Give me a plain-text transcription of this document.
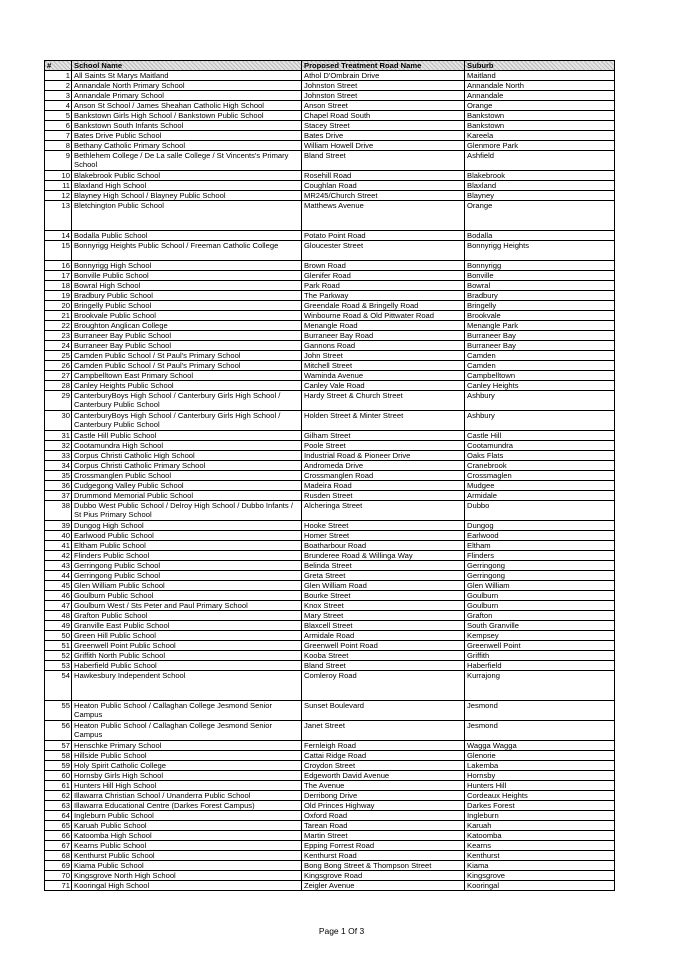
#	School Name	Proposed Treatment Road Name	Suburb
1	All Saints St Marys Maitland	Athol D'Ombrain Drive	Maitland
2	Annandale North Primary School	Johnston Street	Annandale North
3	Annandale Primary School	Johnston Street	Annandale
4	Anson St School / James Sheahan Catholic High School	Anson Street	Orange
5	Bankstown Girls High School / Bankstown Public School	Chapel Road South	Bankstown
6	Bankstown South Infants School	Stacey Street	Bankstown
7	Bates Drive Public School	Bates Drive	Kareela
8	Bethany Catholic Primary School	William Howell Drive	Glenmore Park
9	Bethlehem College / De La salle College / St Vincents's Primary School	Bland Street	Ashfield
10	Blakebrook Public School	Rosehill Road	Blakebrook
11	Blaxland High School	Coughlan Road	Blaxland
12	Blayney High School / Blayney Public School	MR245/Church Street	Blayney
13	Bletchington Public School	Matthews Avenue	Orange
14	Bodalla Public School	Potato Point Road	Bodalla
15	Bonnyrigg Heights Public School / Freeman Catholic College	Gloucester Street	Bonnyrigg Heights
16	Bonnyrigg High School	Brown Road	Bonnyrigg
17	Bonville Public School	Glenifer Road	Bonville
18	Bowral High School	Park Road	Bowral
19	Bradbury Public School	The Parkway	Bradbury
20	Bringelly Public School	Greendale Road & Bringelly Road	Bringelly
21	Brookvale Public School	Winbourne Road & Old Pittwater Road	Brookvale
22	Broughton Anglican College	Menangle Road	Menangle Park
23	Burraneer Bay Public School	Burraneer Bay Road	Burraneer Bay
24	Burraneer Bay Public School	Gannons Road	Burraneer Bay
25	Camden Public School / St Paul's Primary School	John Street	Camden
26	Camden Public School / St Paul's Primary School	Mitchell Street	Camden
27	Campbelltown East Primary School	Waminda Avenue	Campbelltown
28	Canley Heights Public School	Canley Vale Road	Canley Heights
29	CanterburyBoys High School / Canterbury Girls High School / Canterbury Public School	Hardy Street & Church Street	Ashbury
30	CanterburyBoys High School / Canterbury Girls High School / Canterbury Public School	Holden Street & Minter Street	Ashbury
31	Castle Hill Public School	Gilham Street	Castle Hill
32	Cootamundra High School	Poole Street	Cootamundra
33	Corpus Christi Catholic High School	Industrial Road & Pioneer Drive	Oaks Flats
34	Corpus Christi Catholic Primary School	Andromeda Drive	Cranebrook
35	Crossmanglen Public School	Crossmanglen Road	Crossmaglen
36	Cudgegong Valley Public School	Madeira Road	Mudgee
37	Drummond Memorial Public School	Rusden Street	Armidale
38	Dubbo West Public School / Delroy High School / Dubbo Infants / St Pius Primary School	Alcheringa Street	Dubbo
39	Dungog High School	Hooke Street	Dungog
40	Earlwood Public School	Homer Street	Earlwood
41	Eltham Public School	Boatharbour Road	Eltham
42	Flinders Public School	Brunderee Road & Willinga Way	Flinders
43	Gerringong Public School	Belinda Street	Gerringong
44	Gerringong Public School	Greta Street	Gerringong
45	Glen William Public School	Glen William Road	Glen William
46	Goulburn Public School	Bourke Street	Goulburn
47	Goulburn West / Sts Peter and Paul Primary School	Knox Street	Goulburn
48	Grafton Public School	Mary Street	Grafton
49	Granville East Public School	Blaxcell Street	South Granville
50	Green Hill Public School	Armidale Road	Kempsey
51	Greenwell Point Public School	Greenwell Point Road	Greenwell Point
52	Griffith North Public School	Kooba Street	Griffith
53	Haberfield Public School	Bland Street	Haberfield
54	Hawkesbury Independent School	Comleroy Road	Kurrajong
55	Heaton Public School / Callaghan College Jesmond Senior Campus	Sunset Boulevard	Jesmond
56	Heaton Public School / Callaghan College Jesmond Senior Campus	Janet Street	Jesmond
57	Henschke Primary School	Fernleigh Road	Wagga Wagga
58	Hillside Public School	Cattai Ridge Road	Glenorie
59	Holy Spirit Catholic College	Croydon Street	Lakemba
60	Hornsby Girls High School	Edgeworth David Avenue	Hornsby
61	Hunters Hill High School	The Avenue	Hunters Hill
62	Illawarra Christian School / Unanderra Public School	Derribong Drive	Cordeaux Heights
63	Illawarra Educational Centre (Darkes Forest Campus)	Old Princes Highway	Darkes Forest
64	Ingleburn Public School	Oxford Road	Ingleburn
65	Karuah Public School	Tarean Road	Karuah
66	Katoomba High School	Martin Street	Katoomba
67	Kearns Public School	Epping Forrest Road	Kearns
68	Kenthurst Public School	Kenthurst Road	Kenthurst
69	Kiama Public School	Bong Bong Street & Thompson Street	Kiama
70	Kingsgrove North High School	Kingsgrove Road	Kingsgrove
71	Kooringal High School	Zeigler Avenue	Kooringal
Page 1 Of 3
